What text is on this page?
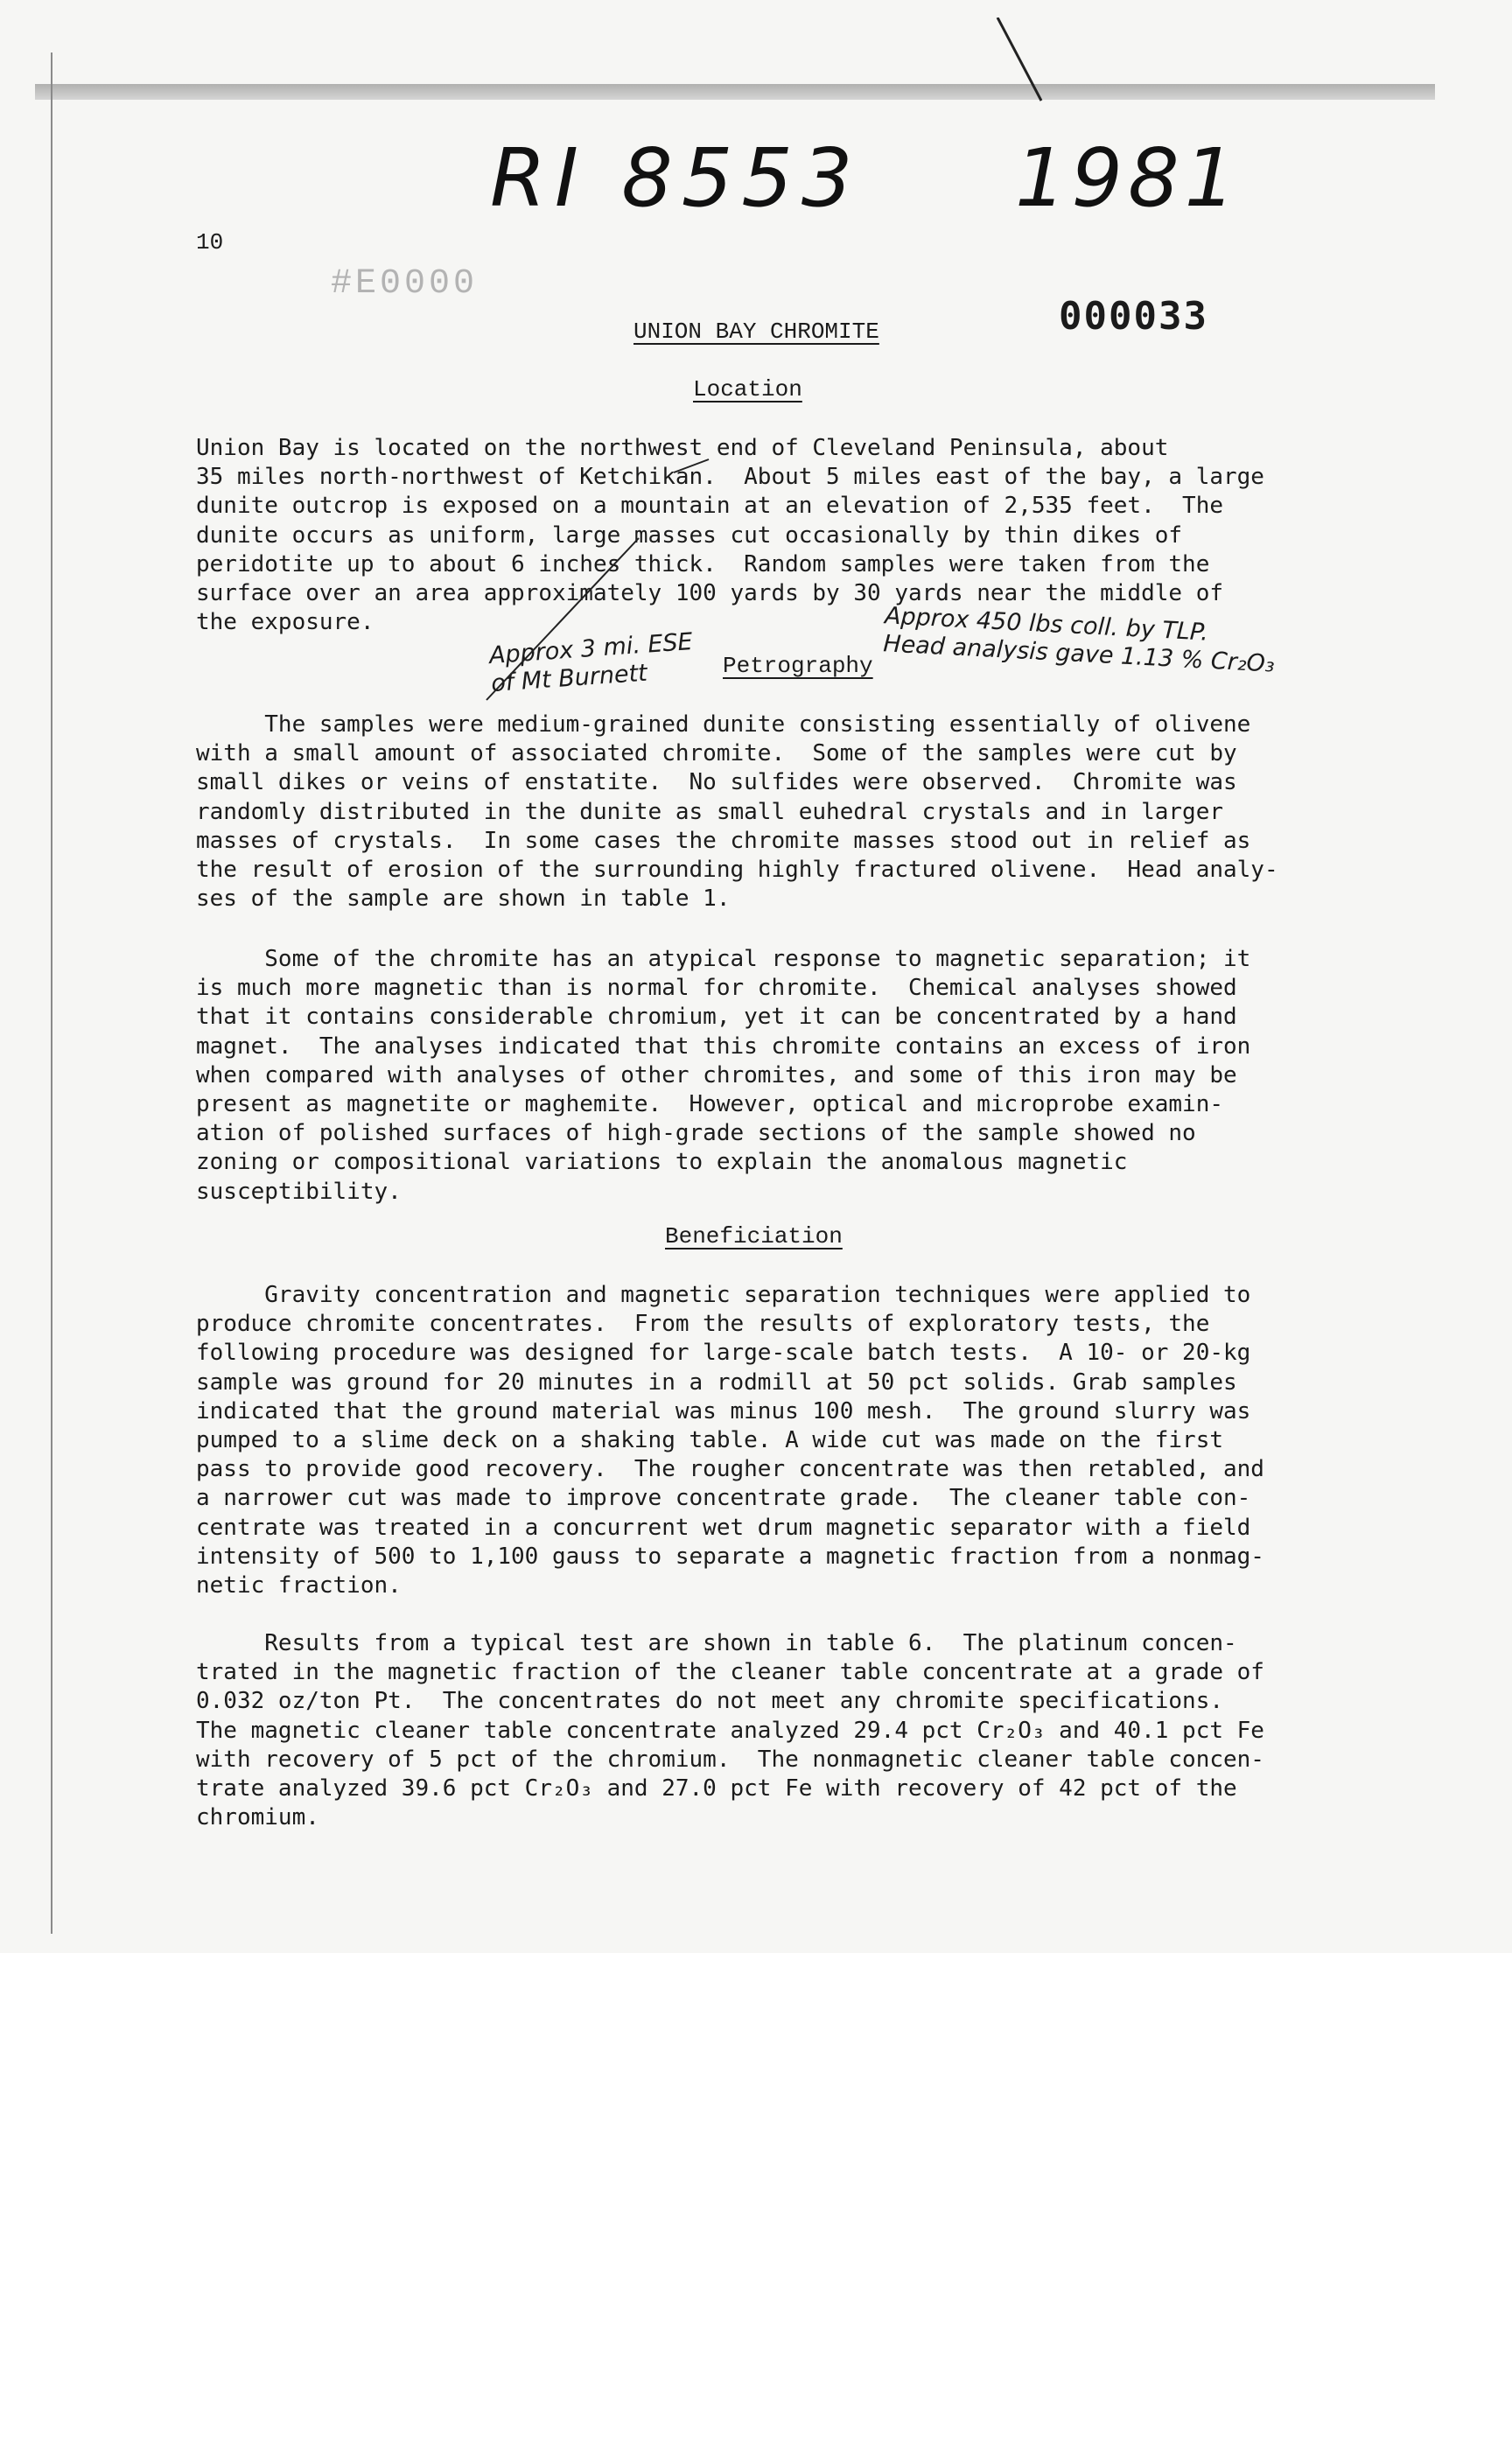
RI 8553 1981
10
#E0000
000033
UNION BAY CHROMITE
Location
Union Bay is located on the northwest end of Cleveland Peninsula, about
35 miles north-northwest of Ketchikan.  About 5 miles east of the bay, a large
dunite outcrop is exposed on a mountain at an elevation of 2,535 feet.  The
dunite occurs as uniform, large masses cut occasionally by thin dikes of
peridotite up to about 6 inches thick.  Random samples were taken from the
surface over an area approximately 100 yards by 30 yards near the middle of
the exposure.
Petrography
The samples were medium-grained dunite consisting essentially of olivene
with a small amount of associated chromite.  Some of the samples were cut by
small dikes or veins of enstatite.  No sulfides were observed.  Chromite was
randomly distributed in the dunite as small euhedral crystals and in larger
masses of crystals.  In some cases the chromite masses stood out in relief as
the result of erosion of the surrounding highly fractured olivene.  Head analy-
ses of the sample are shown in table 1.
Some of the chromite has an atypical response to magnetic separation; it
is much more magnetic than is normal for chromite.  Chemical analyses showed
that it contains considerable chromium, yet it can be concentrated by a hand
magnet.  The analyses indicated that this chromite contains an excess of iron
when compared with analyses of other chromites, and some of this iron may be
present as magnetite or maghemite.  However, optical and microprobe examin-
ation of polished surfaces of high-grade sections of the sample showed no
zoning or compositional variations to explain the anomalous magnetic
susceptibility.
Beneficiation
Gravity concentration and magnetic separation techniques were applied to
produce chromite concentrates.  From the results of exploratory tests, the
following procedure was designed for large-scale batch tests.  A 10- or 20-kg
sample was ground for 20 minutes in a rodmill at 50 pct solids. Grab samples
indicated that the ground material was minus 100 mesh.  The ground slurry was
pumped to a slime deck on a shaking table. A wide cut was made on the first
pass to provide good recovery.  The rougher concentrate was then retabled, and
a narrower cut was made to improve concentrate grade.  The cleaner table con-
centrate was treated in a concurrent wet drum magnetic separator with a field
intensity of 500 to 1,100 gauss to separate a magnetic fraction from a nonmag-
netic fraction.
Results from a typical test are shown in table 6.  The platinum concen-
trated in the magnetic fraction of the cleaner table concentrate at a grade of
0.032 oz/ton Pt.  The concentrates do not meet any chromite specifications.
The magnetic cleaner table concentrate analyzed 29.4 pct Cr₂O₃ and 40.1 pct Fe
with recovery of 5 pct of the chromium.  The nonmagnetic cleaner table concen-
trate analyzed 39.6 pct Cr₂O₃ and 27.0 pct Fe with recovery of 42 pct of the
chromium.
Approx 3 mi. ESE
of Mt Burnett
Approx 450 lbs coll. by TLP.
Head analysis gave 1.13 % Cr₂O₃
